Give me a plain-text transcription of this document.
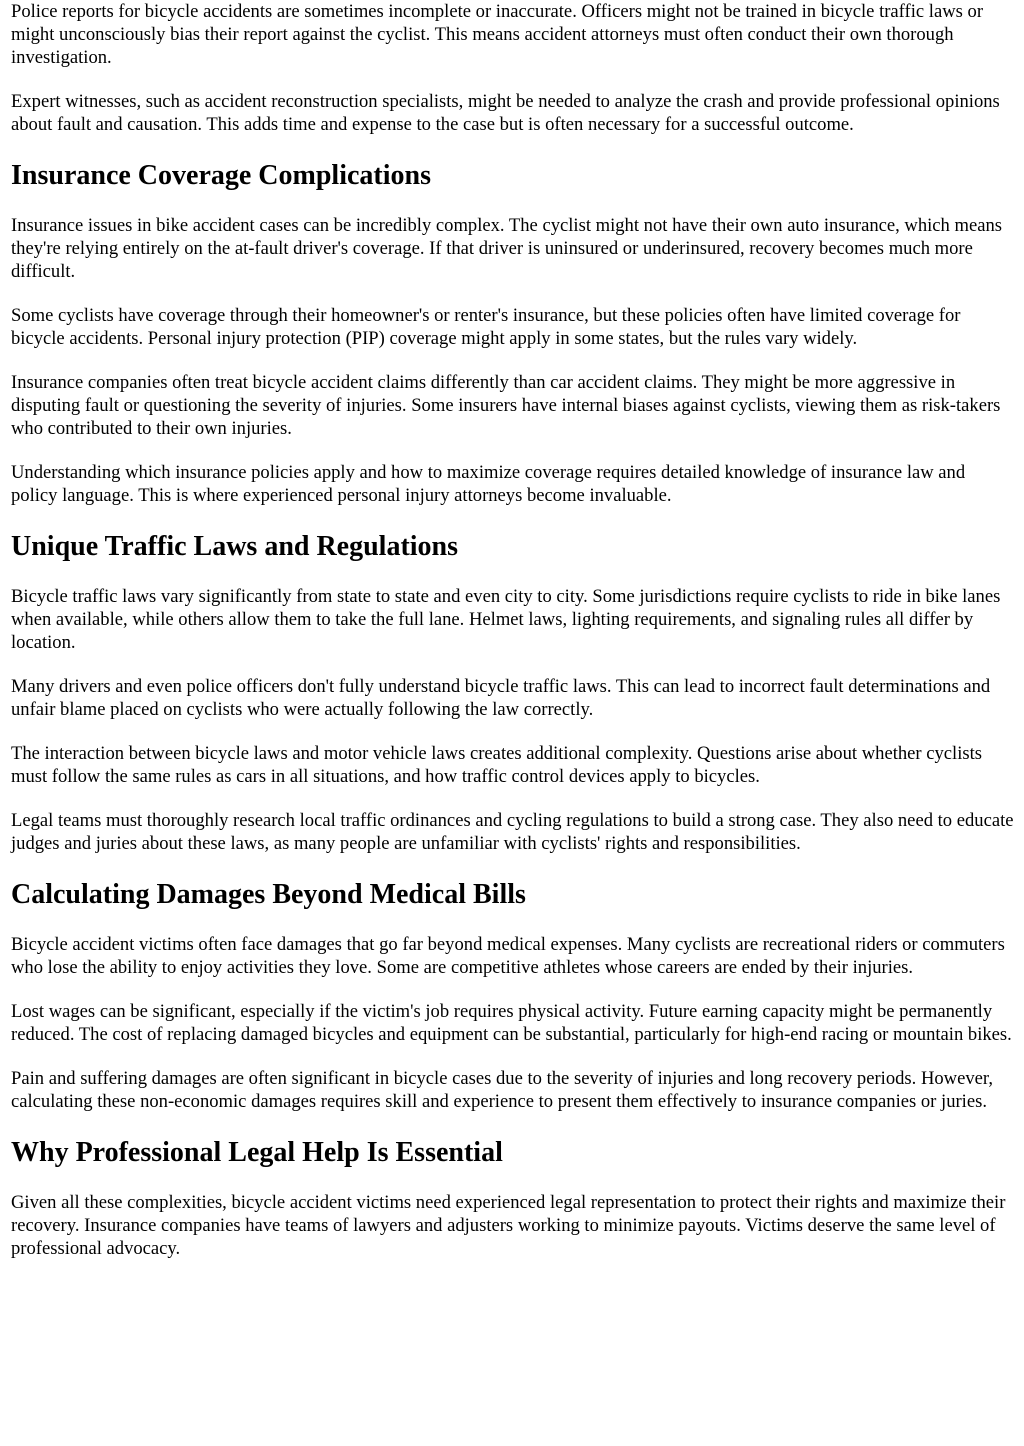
Police reports for bicycle accidents are sometimes incomplete or inaccurate. Officers might not be trained in bicycle traffic laws or might unconsciously bias their report against the cyclist. This means accident attorneys must often conduct their own thorough investigation.

Expert witnesses, such as accident reconstruction specialists, might be needed to analyze the crash and provide professional opinions about fault and causation. This adds time and expense to the case but is often necessary for a successful outcome.

Insurance Coverage Complications

Insurance issues in bike accident cases can be incredibly complex. The cyclist might not have their own auto insurance, which means they're relying entirely on the at-fault driver's coverage. If that driver is uninsured or underinsured, recovery becomes much more difficult.

Some cyclists have coverage through their homeowner's or renter's insurance, but these policies often have limited coverage for bicycle accidents. Personal injury protection (PIP) coverage might apply in some states, but the rules vary widely.

Insurance companies often treat bicycle accident claims differently than car accident claims. They might be more aggressive in disputing fault or questioning the severity of injuries. Some insurers have internal biases against cyclists, viewing them as risk-takers who contributed to their own injuries.

Understanding which insurance policies apply and how to maximize coverage requires detailed knowledge of insurance law and policy language. This is where experienced personal injury attorneys become invaluable.

Unique Traffic Laws and Regulations

Bicycle traffic laws vary significantly from state to state and even city to city. Some jurisdictions require cyclists to ride in bike lanes when available, while others allow them to take the full lane. Helmet laws, lighting requirements, and signaling rules all differ by location.

Many drivers and even police officers don't fully understand bicycle traffic laws. This can lead to incorrect fault determinations and unfair blame placed on cyclists who were actually following the law correctly.

The interaction between bicycle laws and motor vehicle laws creates additional complexity. Questions arise about whether cyclists must follow the same rules as cars in all situations, and how traffic control devices apply to bicycles.

Legal teams must thoroughly research local traffic ordinances and cycling regulations to build a strong case. They also need to educate judges and juries about these laws, as many people are unfamiliar with cyclists' rights and responsibilities.

Calculating Damages Beyond Medical Bills

Bicycle accident victims often face damages that go far beyond medical expenses. Many cyclists are recreational riders or commuters who lose the ability to enjoy activities they love. Some are competitive athletes whose careers are ended by their injuries.

Lost wages can be significant, especially if the victim's job requires physical activity. Future earning capacity might be permanently reduced. The cost of replacing damaged bicycles and equipment can be substantial, particularly for high-end racing or mountain bikes.

Pain and suffering damages are often significant in bicycle cases due to the severity of injuries and long recovery periods. However, calculating these non-economic damages requires skill and experience to present them effectively to insurance companies or juries.

Why Professional Legal Help Is Essential

Given all these complexities, bicycle accident victims need experienced legal representation to protect their rights and maximize their recovery. Insurance companies have teams of lawyers and adjusters working to minimize payouts. Victims deserve the same level of professional advocacy.
